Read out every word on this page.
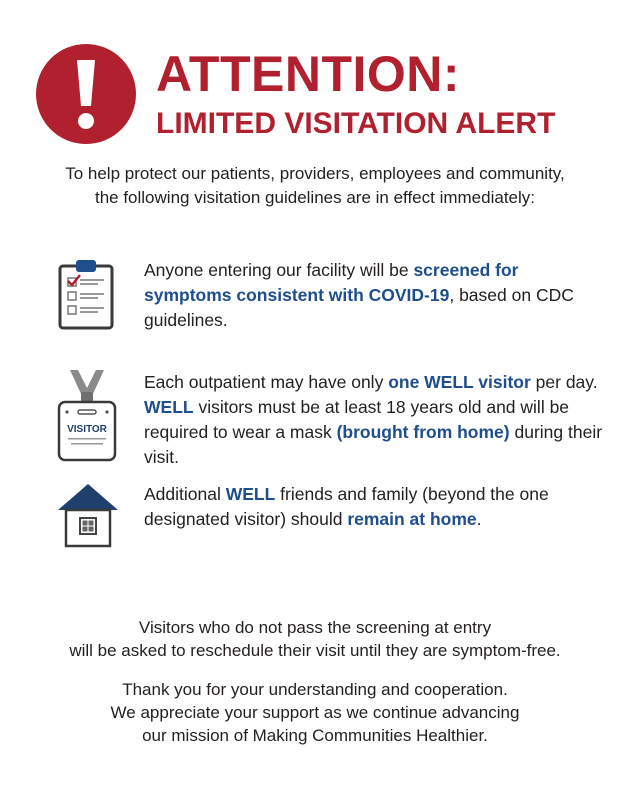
ATTENTION:
LIMITED VISITATION ALERT

To help protect our patients, providers, employees and community,
the following visitation guidelines are in effect immediately:

Anyone entering our facility will be screened for symptoms consistent with COVID-19, based on CDC guidelines.

VISITOR

Each outpatient may have only one WELL visitor per day. WELL visitors must be at least 18 years old and will be required to wear a mask (brought from home) during their visit.

Additional WELL friends and family (beyond the one designated visitor) should remain at home.

Visitors who do not pass the screening at entry
will be asked to reschedule their visit until they are symptom-free.

Thank you for your understanding and cooperation.
We appreciate your support as we continue advancing
our mission of Making Communities Healthier.
